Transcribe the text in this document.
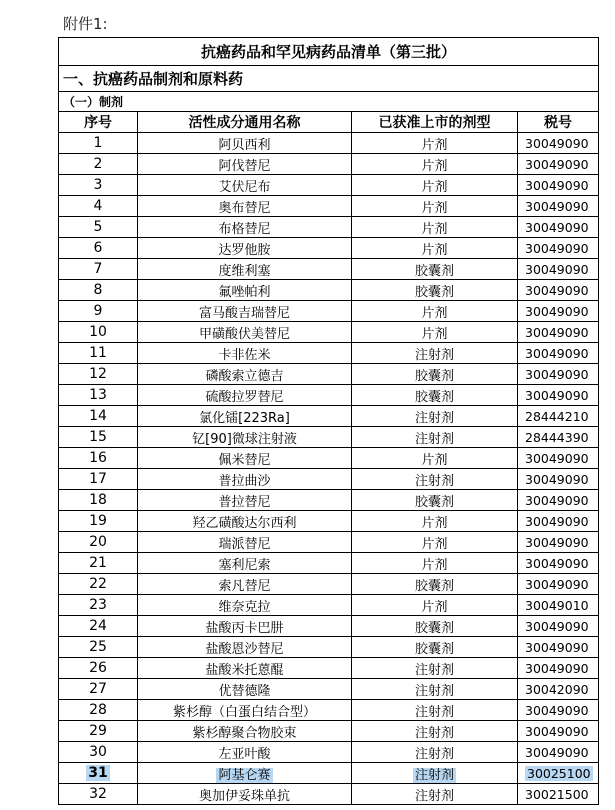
附件1:
抗癌药品和罕见病药品清单（第三批）			
一、抗癌药品制剂和原料药			
（一）制剂			
序号	活性成分通用名称	已获准上市的剂型	税号
1	阿贝西利	片剂	30049090
2	阿伐替尼	片剂	30049090
3	艾伏尼布	片剂	30049090
4	奥布替尼	片剂	30049090
5	布格替尼	片剂	30049090
6	达罗他胺	片剂	30049090
7	度维利塞	胶囊剂	30049090
8	氟唑帕利	胶囊剂	30049090
9	富马酸吉瑞替尼	片剂	30049090
10	甲磺酸伏美替尼	片剂	30049090
11	卡非佐米	注射剂	30049090
12	磷酸索立德吉	胶囊剂	30049090
13	硫酸拉罗替尼	胶囊剂	30049090
14	氯化镭[223Ra]	注射剂	28444210
15	钇[90]微球注射液	注射剂	28444390
16	佩米替尼	片剂	30049090
17	普拉曲沙	注射剂	30049090
18	普拉替尼	胶囊剂	30049090
19	羟乙磺酸达尔西利	片剂	30049090
20	瑞派替尼	片剂	30049090
21	塞利尼索	片剂	30049090
22	索凡替尼	胶囊剂	30049090
23	维奈克拉	片剂	30049010
24	盐酸丙卡巴肼	胶囊剂	30049090
25	盐酸恩沙替尼	胶囊剂	30049090
26	盐酸米托蒽醌	注射剂	30049090
27	优替德隆	注射剂	30042090
28	紫杉醇（白蛋白结合型）	注射剂	30049090
29	紫杉醇聚合物胶束	注射剂	30049090
30	左亚叶酸	注射剂	30049090
31	阿基仑赛	注射剂	30025100
32	奥加伊妥珠单抗	注射剂	30021500
